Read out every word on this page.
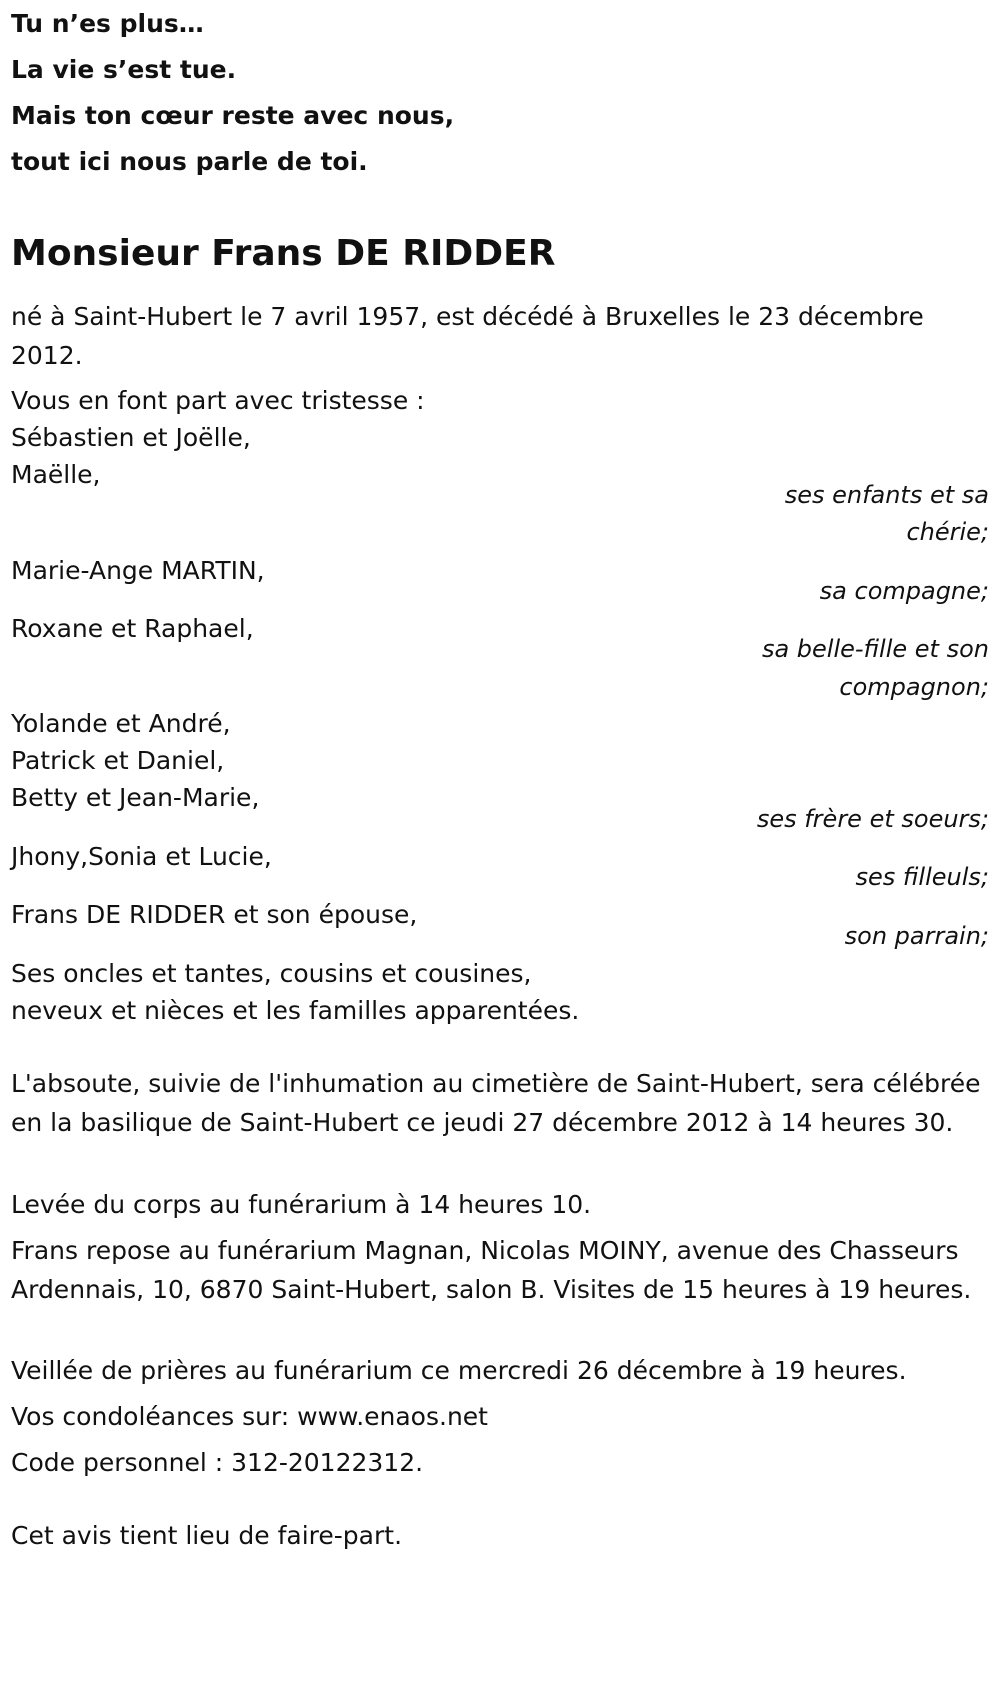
Tu n’es plus…
La vie s’est tue.
Mais ton cœur reste avec nous,
tout ici nous parle de toi.
Monsieur Frans DE RIDDER
né à Saint-Hubert le 7 avril 1957, est décédé à Bruxelles le 23 décembre 2012.
Vous en font part avec tristesse :
Sébastien et Joëlle,
Maëlle,
ses enfants et sa
chérie;
Marie-Ange MARTIN,
sa compagne;
Roxane et Raphael,
sa belle-fille et son
compagnon;
Yolande et André,
Patrick et Daniel,
Betty et Jean-Marie,
ses frère et soeurs;
Jhony,Sonia et Lucie,
ses filleuls;
Frans DE RIDDER et son épouse,
son parrain;
Ses oncles et tantes, cousins et cousines,
neveux et nièces et les familles apparentées.
L'absoute, suivie de l'inhumation au cimetière de Saint-Hubert, sera célébrée en la basilique de Saint-Hubert ce jeudi 27 décembre 2012 à 14 heures 30.
Levée du corps au funérarium à 14 heures 10.
Frans repose au funérarium Magnan, Nicolas MOINY, avenue des Chasseurs Ardennais, 10, 6870 Saint-Hubert, salon B. Visites de 15 heures à 19 heures.
Veillée de prières au funérarium ce mercredi 26 décembre à 19 heures.
Vos condoléances sur: www.enaos.net
Code personnel : 312-20122312.
Cet avis tient lieu de faire-part.
